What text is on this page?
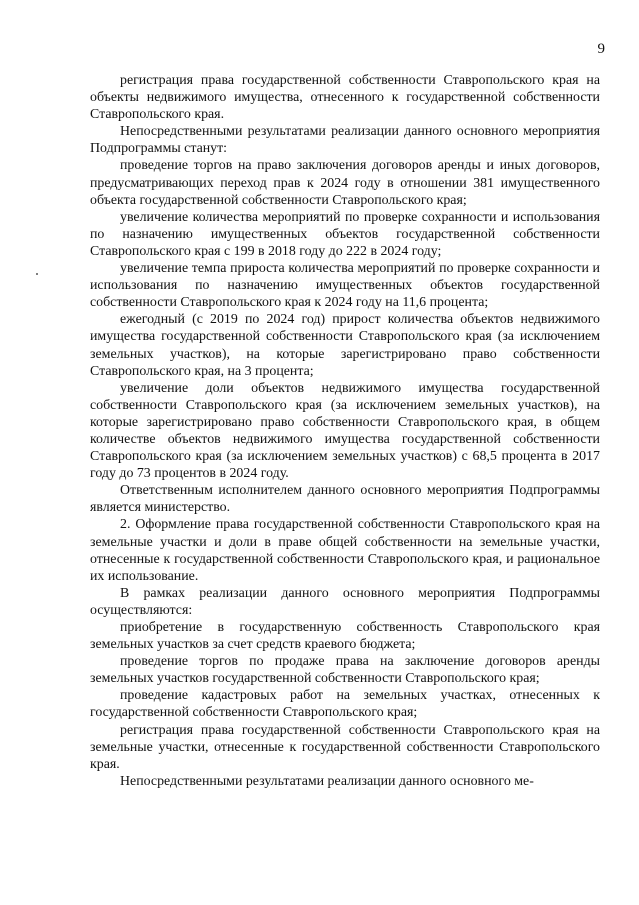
9

регистрация права государственной собственности Ставропольского края на объекты недвижимого имущества, отнесенного к государственной собственности Ставропольского края.

Непосредственными результатами реализации данного основного мероприятия Подпрограммы станут:

проведение торгов на право заключения договоров аренды и иных договоров, предусматривающих переход прав к 2024 году в отношении 381 имущественного объекта государственной собственности Ставропольского края;

увеличение количества мероприятий по проверке сохранности и использования по назначению имущественных объектов государственной собственности Ставропольского края с 199 в 2018 году до 222 в 2024 году;

увеличение темпа прироста количества мероприятий по проверке сохранности и использования по назначению имущественных объектов государственной собственности Ставропольского края к 2024 году на 11,6 процента;

ежегодный (с 2019 по 2024 год) прирост количества объектов недвижимого имущества государственной собственности Ставропольского края (за исключением земельных участков), на которые зарегистрировано право собственности Ставропольского края, на 3 процента;

увеличение доли объектов недвижимого имущества государственной собственности Ставропольского края (за исключением земельных участков), на которые зарегистрировано право собственности Ставропольского края, в общем количестве объектов недвижимого имущества государственной собственности Ставропольского края (за исключением земельных участков) с 68,5 процента в 2017 году до 73 процентов в 2024 году.

Ответственным исполнителем данного основного мероприятия Подпрограммы является министерство.

2. Оформление права государственной собственности Ставропольского края на земельные участки и доли в праве общей собственности на земельные участки, отнесенные к государственной собственности Ставропольского края, и рациональное их использование.

В рамках реализации данного основного мероприятия Подпрограммы осуществляются:

приобретение в государственную собственность Ставропольского края земельных участков за счет средств краевого бюджета;

проведение торгов по продаже права на заключение договоров аренды земельных участков государственной собственности Ставропольского края;

проведение кадастровых работ на земельных участках, отнесенных к государственной собственности Ставропольского края;

регистрация права государственной собственности Ставропольского края на земельные участки, отнесенные к государственной собственности Ставропольского края.

Непосредственными результатами реализации данного основного ме-
